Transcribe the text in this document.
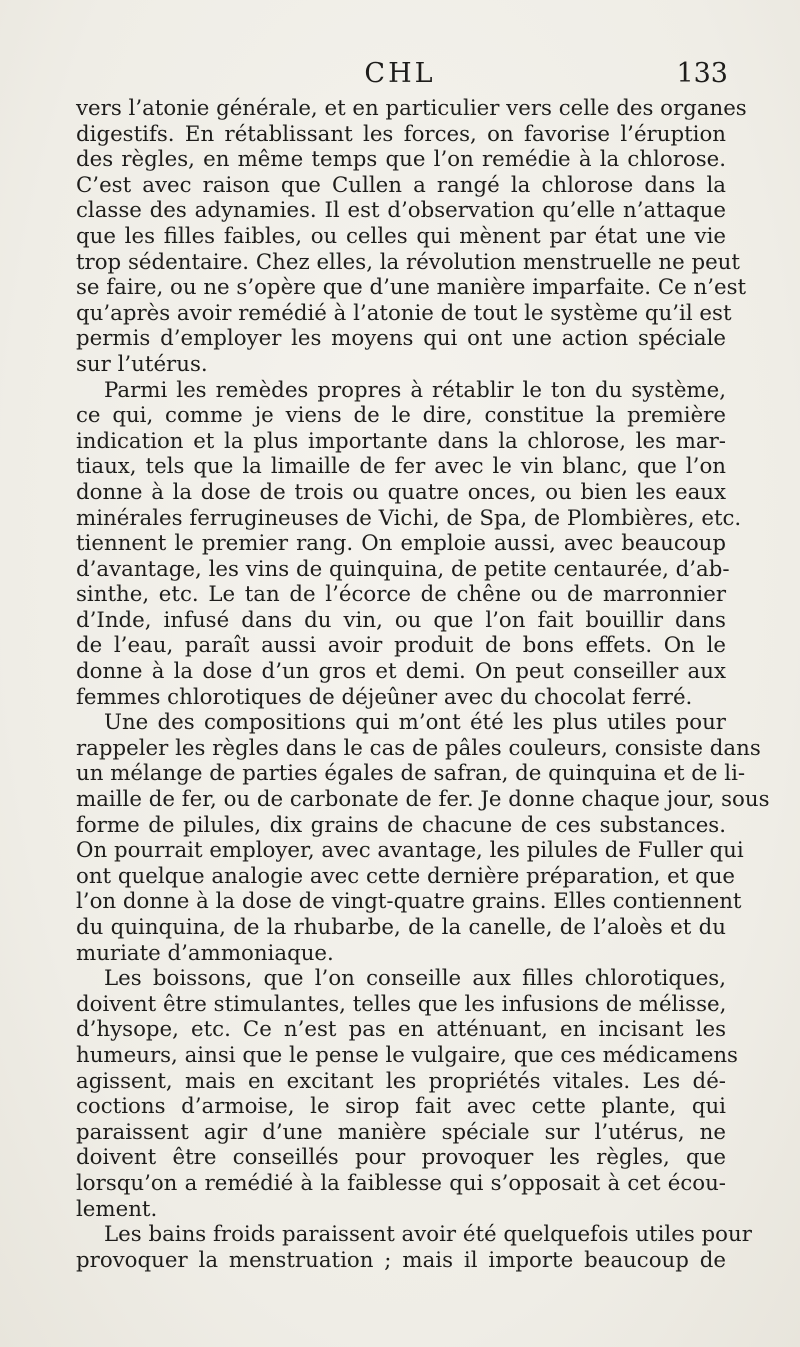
CHL	133
vers l’atonie générale, et en particulier vers celle des organes
digestifs. En rétablissant les forces, on favorise l’éruption
des règles, en même temps que l’on remédie à la chlorose.
C’est avec raison que Cullen a rangé la chlorose dans la
classe des adynamies. Il est d’observation qu’elle n’attaque
que les filles faibles, ou celles qui mènent par état une vie
trop sédentaire. Chez elles, la révolution menstruelle ne peut
se faire, ou ne s’opère que d’une manière imparfaite. Ce n’est
qu’après avoir remédié à l’atonie de tout le système qu’il est
permis d’employer les moyens qui ont une action spéciale
sur l’utérus.
Parmi les remèdes propres à rétablir le ton du système,
ce qui, comme je viens de le dire, constitue la première
indication et la plus importante dans la chlorose, les mar-
tiaux, tels que la limaille de fer avec le vin blanc, que l’on
donne à la dose de trois ou quatre onces, ou bien les eaux
minérales ferrugineuses de Vichi, de Spa, de Plombières, etc.
tiennent le premier rang. On emploie aussi, avec beaucoup
d’avantage, les vins de quinquina, de petite centaurée, d’ab-
sinthe, etc. Le tan de l’écorce de chêne ou de marronnier
d’Inde, infusé dans du vin, ou que l’on fait bouillir dans
de l’eau, paraît aussi avoir produit de bons effets. On le
donne à la dose d’un gros et demi. On peut conseiller aux
femmes chlorotiques de déjeûner avec du chocolat ferré.
Une des compositions qui m’ont été les plus utiles pour
rappeler les règles dans le cas de pâles couleurs, consiste dans
un mélange de parties égales de safran, de quinquina et de li-
maille de fer, ou de carbonate de fer. Je donne chaque jour, sous
forme de pilules, dix grains de chacune de ces substances.
On pourrait employer, avec avantage, les pilules de Fuller qui
ont quelque analogie avec cette dernière préparation, et que
l’on donne à la dose de vingt-quatre grains. Elles contiennent
du quinquina, de la rhubarbe, de la canelle, de l’aloès et du
muriate d’ammoniaque.
Les boissons, que l’on conseille aux filles chlorotiques,
doivent être stimulantes, telles que les infusions de mélisse,
d’hysope, etc. Ce n’est pas en atténuant, en incisant les
humeurs, ainsi que le pense le vulgaire, que ces médicamens
agissent, mais en excitant les propriétés vitales. Les dé-
coctions d’armoise, le sirop fait avec cette plante, qui
paraissent agir d’une manière spéciale sur l’utérus, ne
doivent être conseillés pour provoquer les règles, que
lorsqu’on a remédié à la faiblesse qui s’opposait à cet écou-
lement.
Les bains froids paraissent avoir été quelquefois utiles pour
provoquer la menstruation ; mais il importe beaucoup de
